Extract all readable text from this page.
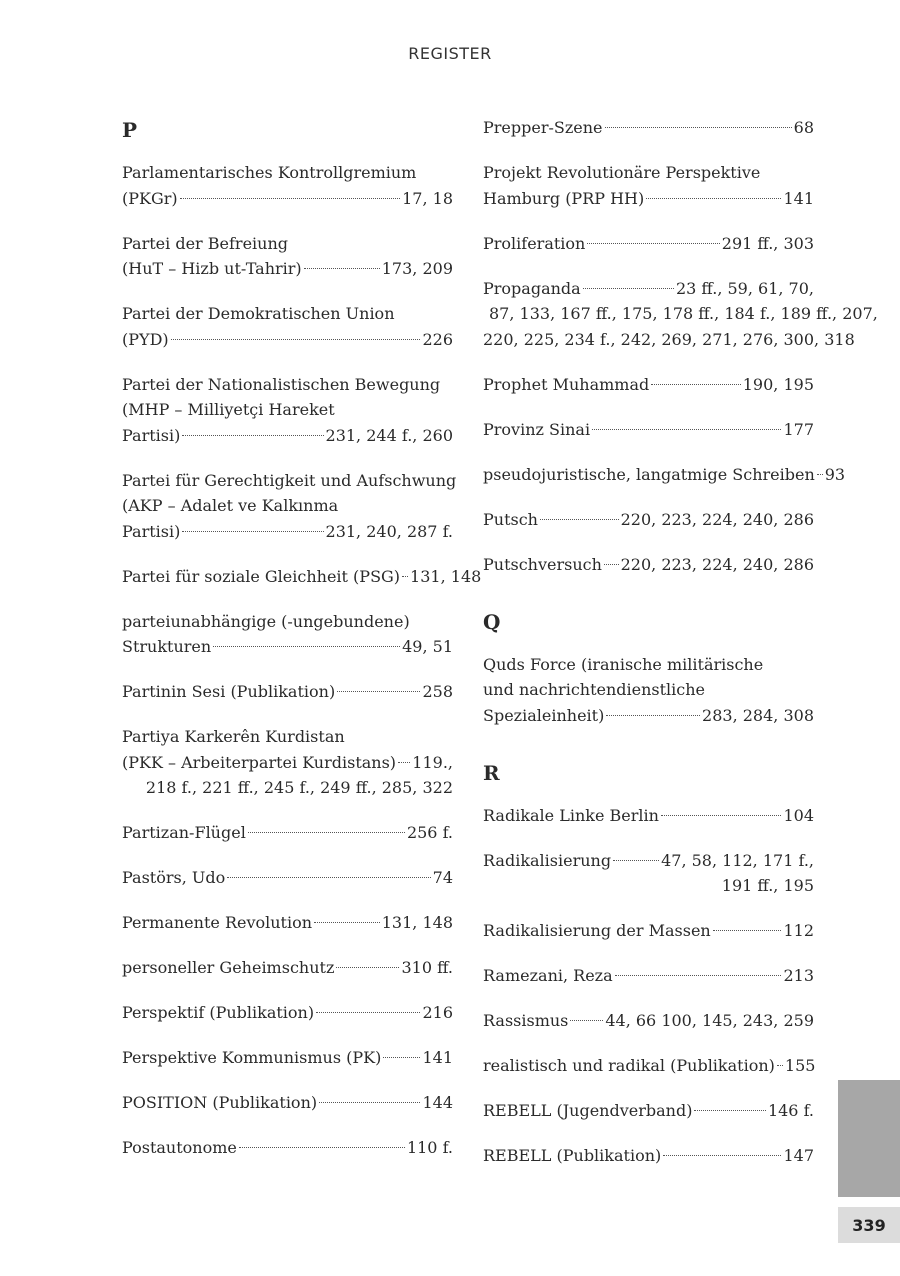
REGISTER
P
Parlamentarisches Kontrollgremium
(PKGr)	17, 18
Partei der Befreiung
(HuT – Hizb ut-Tahrir)	173, 209
Partei der Demokratischen Union
(PYD)	226
Partei der Nationalistischen Bewegung
(MHP – Milliyetçi Hareket
Partisi)	231, 244 f., 260
Partei für Gerechtigkeit und Aufschwung
(AKP – Adalet ve Kalkınma
Partisi)	231, 240, 287 f.
Partei für soziale Gleichheit (PSG) 131, 148
parteiunabhängige (-ungebundene)
Strukturen	49, 51
Partinin Sesi (Publikation)	258
Partiya Karkerên Kurdistan
(PKK – Arbeiterpartei Kurdistans) 119.,
218 f., 221 ff., 245 f., 249 ff., 285, 322
Partizan-Flügel	256 f.
Pastörs, Udo	74
Permanente Revolution	131, 148
personeller Geheimschutz	310 ff.
Perspektif (Publikation)	216
Perspektive Kommunismus (PK)	141
POSITION (Publikation)	144
Postautonome	110 f.
Prepper-Szene	68
Projekt Revolutionäre Perspektive
Hamburg (PRP HH)	141
Proliferation	291 ff., 303
Propaganda	23 ff., 59, 61, 70,
87, 133, 167 ff., 175, 178 ff., 184 f., 189 ff., 207,
220, 225, 234 f., 242, 269, 271, 276, 300, 318
Prophet Muhammad	190, 195
Provinz Sinai	177
pseudojuristische, langatmige Schreiben 93
Putsch	220, 223, 224, 240, 286
Putschversuch 220, 223, 224, 240, 286
Q
Quds Force (iranische militärische
und nachrichtendienstliche
Spezialeinheit)	283, 284, 308
R
Radikale Linke Berlin	104
Radikalisierung	47, 58, 112, 171 f.,
191 ff., 195
Radikalisierung der Massen	112
Ramezani, Reza	213
Rassismus 44, 66 100, 145, 243, 259
realistisch und radikal (Publikation) 155
REBELL (Jugendverband)	146 f.
REBELL (Publikation)	147
339
